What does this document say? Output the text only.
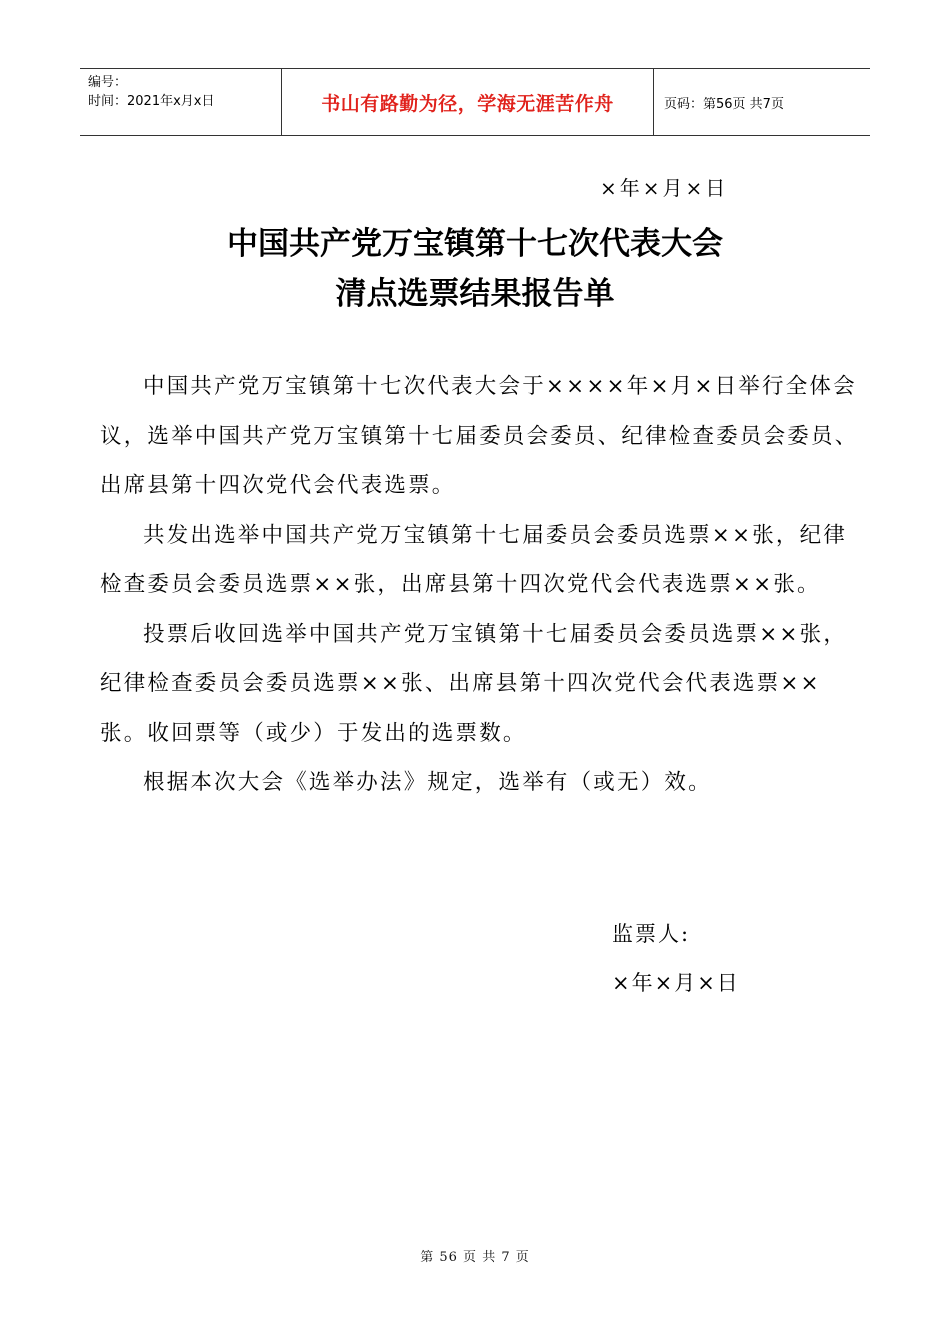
编号：
时间：2021年x月x日	书山有路勤为径，学海无涯苦作舟	页码：第56页 共7页
×年×月×日
中国共产党万宝镇第十七次代表大会
清点选票结果报告单

中国共产党万宝镇第十七次代表大会于××××年×月×日举行全体会议，选举中国共产党万宝镇第十七届委员会委员、纪律检查委员会委员、出席县第十四次党代会代表选票。

共发出选举中国共产党万宝镇第十七届委员会委员选票××张，纪律检查委员会委员选票××张，出席县第十四次党代会代表选票××张。

投票后收回选举中国共产党万宝镇第十七届委员会委员选票××张，纪律检查委员会委员选票××张、出席县第十四次党代会代表选票××张。收回票等（或少）于发出的选票数。

根据本次大会《选举办法》规定，选举有（或无）效。

监票人:
×年×月×日
第 56 页 共 7 页
